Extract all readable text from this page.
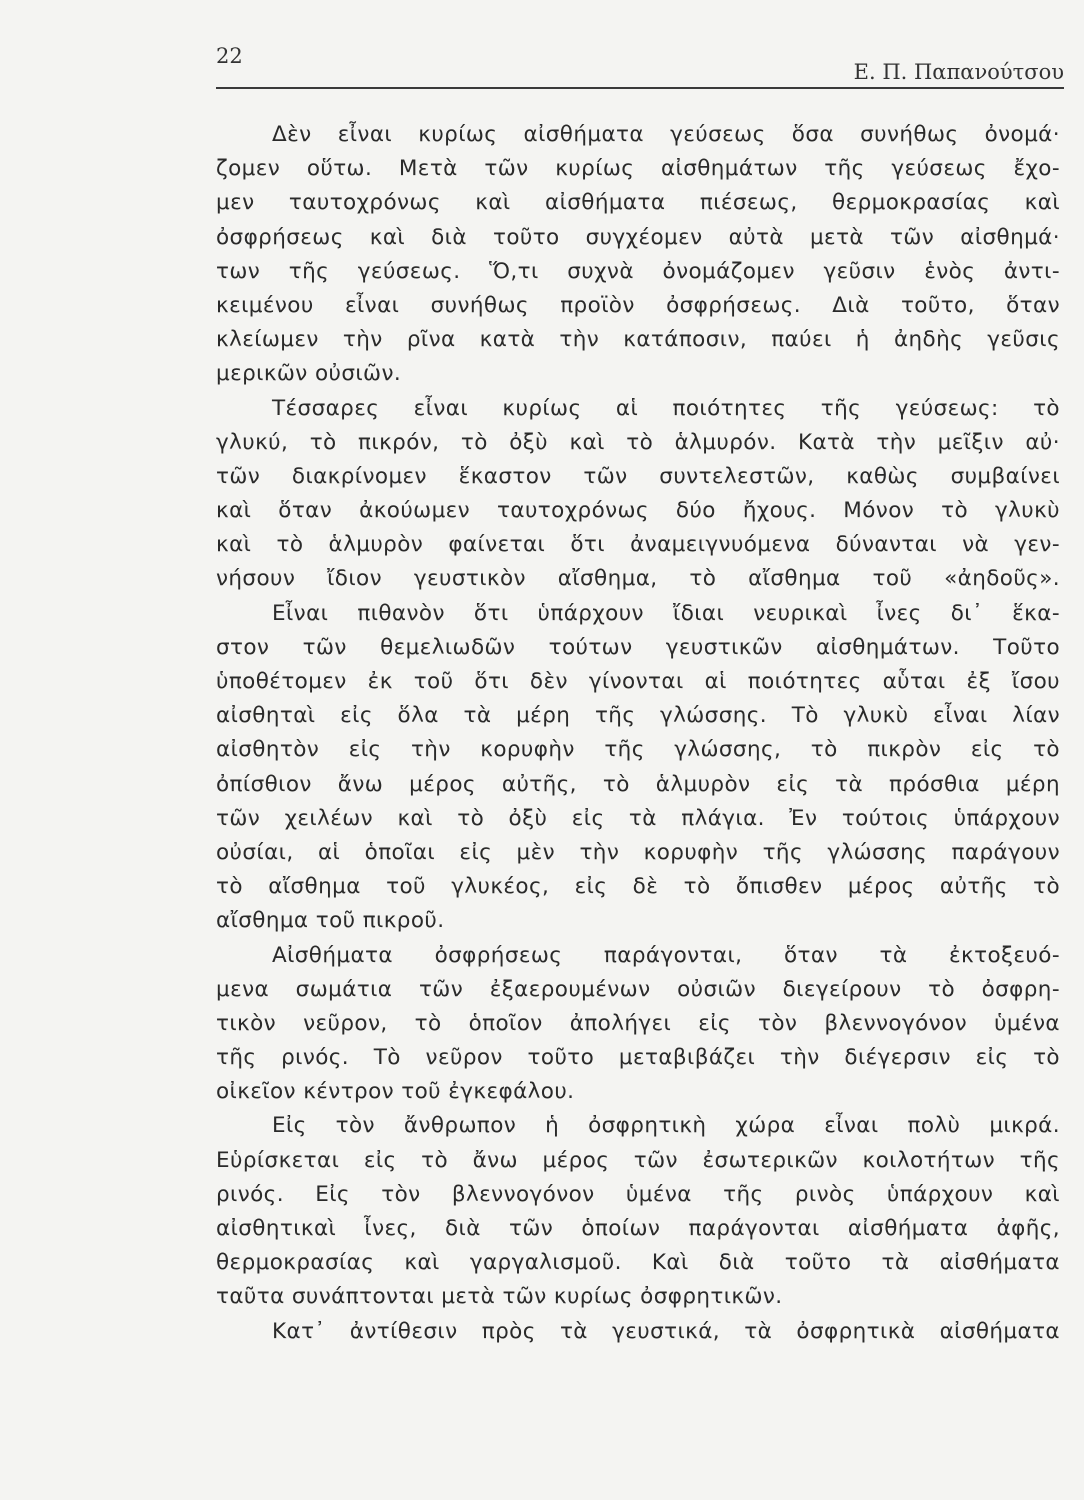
22
Ε. Π. Παπανούτσου
Δὲν εἶναι κυρίως αἰσθήματα γεύσεως ὅσα συνήθως ὀνομά·
ζομεν οὕτω. Μετὰ τῶν κυρίως αἰσθημάτων τῆς γεύσεως ἔχο-
μεν ταυτοχρόνως καὶ αἰσθήματα πιέσεως, θερμοκρασίας καὶ
ὀσφρήσεως καὶ διὰ τοῦτο συγχέομεν αὐτὰ μετὰ τῶν αἰσθημά·
των τῆς γεύσεως. Ὅ,τι συχνὰ ὀνομάζομεν γεῦσιν ἑνὸς ἀντι-
κειμένου εἶναι συνήθως προϊὸν ὀσφρήσεως. Διὰ τοῦτο, ὅταν
κλείωμεν τὴν ρῖνα κατὰ τὴν κατάποσιν, παύει ἡ ἀηδὴς γεῦσις
μερικῶν οὐσιῶν.
Τέσσαρες εἶναι κυρίως αἱ ποιότητες τῆς γεύσεως: τὸ
γλυκύ, τὸ πικρόν, τὸ ὀξὺ καὶ τὸ ἁλμυρόν. Κατὰ τὴν μεῖξιν αὐ·
τῶν διακρίνομεν ἕκαστον τῶν συντελεστῶν, καθὼς συμβαίνει
καὶ ὅταν ἀκούωμεν ταυτοχρόνως δύο ἤχους. Μόνον τὸ γλυκὺ
καὶ τὸ ἁλμυρὸν φαίνεται ὅτι ἀναμειγνυόμενα δύνανται νὰ γεν-
νήσουν ἴδιον γευστικὸν αἴσθημα, τὸ αἴσθημα τοῦ «ἀηδοῦς».
Εἶναι πιθανὸν ὅτι ὑπάρχουν ἴδιαι νευρικαὶ ἶνες δι᾽ ἕκα-
στον τῶν θεμελιωδῶν τούτων γευστικῶν αἰσθημάτων. Τοῦτο
ὑποθέτομεν ἐκ τοῦ ὅτι δὲν γίνονται αἱ ποιότητες αὗται ἐξ ἴσου
αἰσθηταὶ εἰς ὅλα τὰ μέρη τῆς γλώσσης. Τὸ γλυκὺ εἶναι λίαν
αἰσθητὸν εἰς τὴν κορυφὴν τῆς γλώσσης, τὸ πικρὸν εἰς τὸ
ὀπίσθιον ἄνω μέρος αὐτῆς, τὸ ἁλμυρὸν εἰς τὰ πρόσθια μέρη
τῶν χειλέων καὶ τὸ ὀξὺ εἰς τὰ πλάγια. Ἐν τούτοις ὑπάρχουν
οὐσίαι, αἱ ὁποῖαι εἰς μὲν τὴν κορυφὴν τῆς γλώσσης παράγουν
τὸ αἴσθημα τοῦ γλυκέος, εἰς δὲ τὸ ὄπισθεν μέρος αὐτῆς τὸ
αἴσθημα τοῦ πικροῦ.
Αἰσθήματα ὀσφρήσεως παράγονται, ὅταν τὰ ἐκτοξευό-
μενα σωμάτια τῶν ἐξαερουμένων οὐσιῶν διεγείρουν τὸ ὀσφρη-
τικὸν νεῦρον, τὸ ὁποῖον ἀπολήγει εἰς τὸν βλεννογόνον ὑμένα
τῆς ρινός. Τὸ νεῦρον τοῦτο μεταβιβάζει τὴν διέγερσιν εἰς τὸ
οἰκεῖον κέντρον τοῦ ἐγκεφάλου.
Εἰς τὸν ἄνθρωπον ἡ ὀσφρητικὴ χώρα εἶναι πολὺ μικρά.
Εὑρίσκεται εἰς τὸ ἄνω μέρος τῶν ἐσωτερικῶν κοιλοτήτων τῆς
ρινός. Εἰς τὸν βλεννογόνον ὑμένα τῆς ρινὸς ὑπάρχουν καὶ
αἰσθητικαὶ ἶνες, διὰ τῶν ὁποίων παράγονται αἰσθήματα ἀφῆς,
θερμοκρασίας καὶ γαργαλισμοῦ. Καὶ διὰ τοῦτο τὰ αἰσθήματα
ταῦτα συνάπτονται μετὰ τῶν κυρίως ὀσφρητικῶν.
Κατ᾽ ἀντίθεσιν πρὸς τὰ γευστικά, τὰ ὀσφρητικὰ αἰσθήματα
